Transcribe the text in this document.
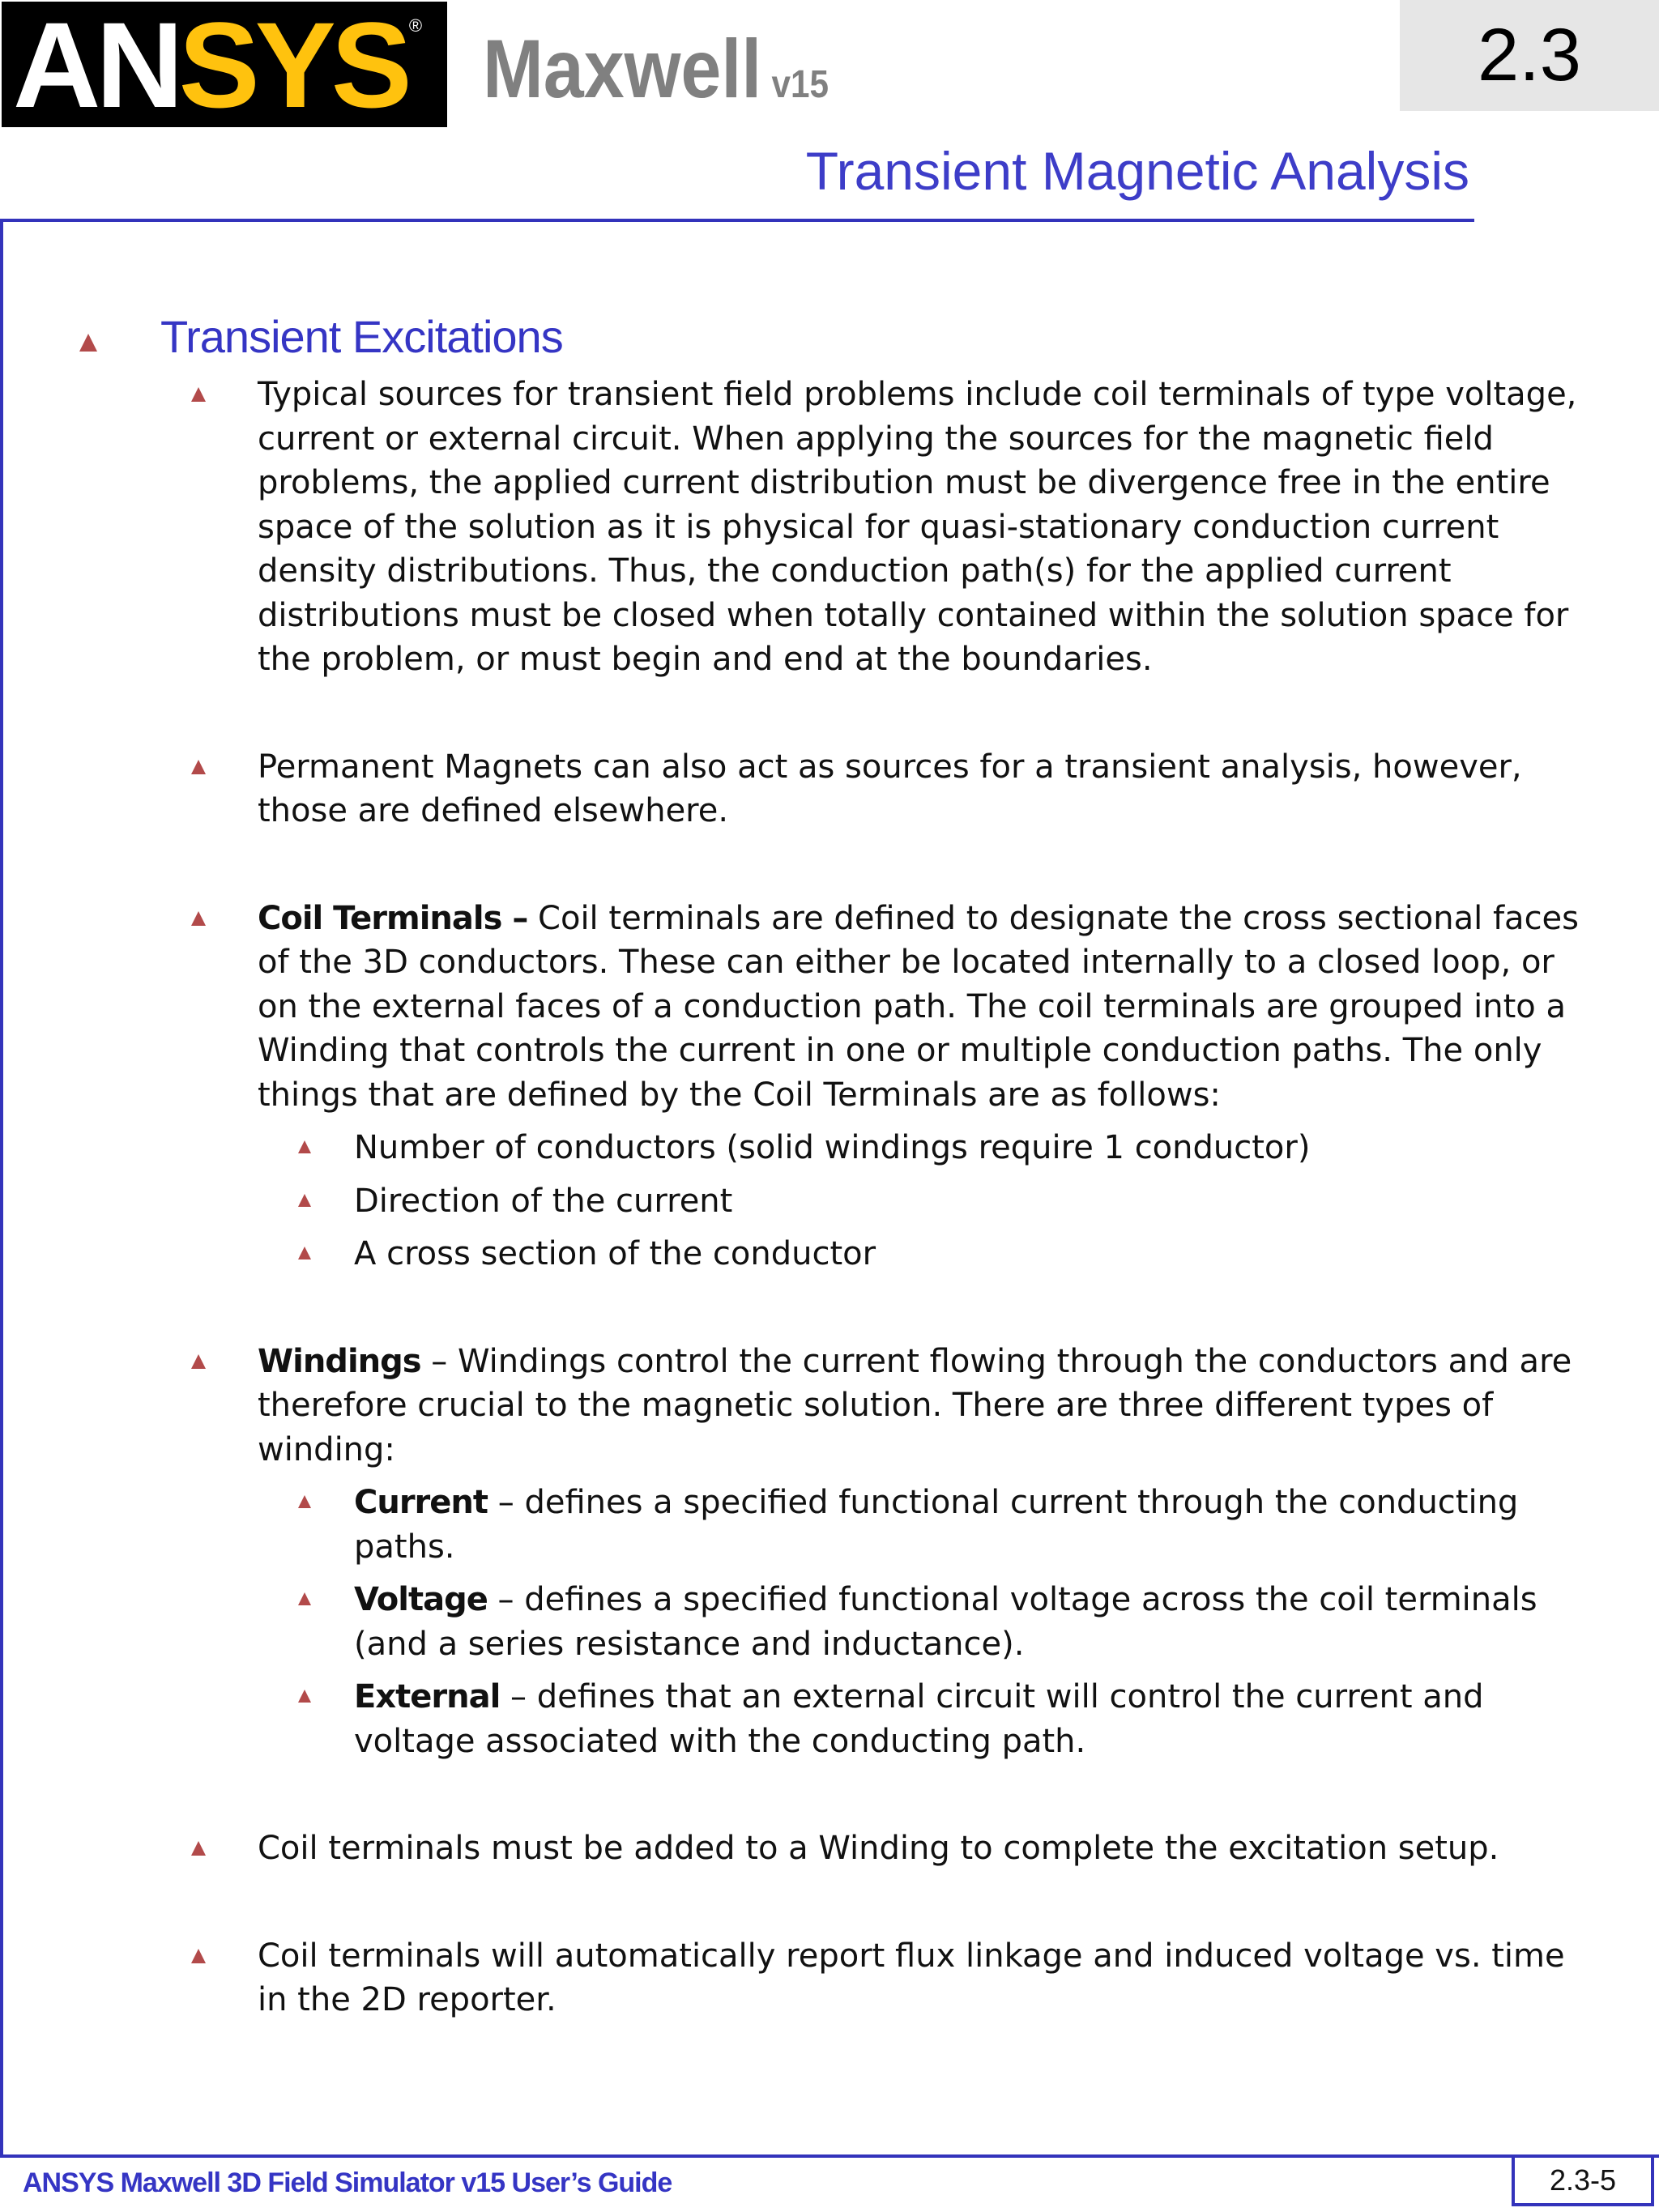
ANSYS ® Maxwell v15	2.3
Transient Magnetic Analysis
Transient Excitations
Typical sources for transient field problems include coil terminals of type voltage, current or external circuit. When applying the sources for the magnetic field problems, the applied current distribution must be divergence free in the entire space of the solution as it is physical for quasi-stationary conduction current density distributions. Thus, the conduction path(s) for the applied current distributions must be closed when totally contained within the solution space for the problem, or must begin and end at the boundaries.
Permanent Magnets can also act as sources for a transient analysis, however, those are defined elsewhere.
Coil Terminals – Coil terminals are defined to designate the cross sectional faces of the 3D conductors. These can either be located internally to a closed loop, or on the external faces of a conduction path. The coil terminals are grouped into a Winding that controls the current in one or multiple conduction paths. The only things that are defined by the Coil Terminals are as follows:
Number of conductors (solid windings require 1 conductor)
Direction of the current
A cross section of the conductor
Windings – Windings control the current flowing through the conductors and are therefore crucial to the magnetic solution. There are three different types of winding:
Current – defines a specified functional current through the conducting paths.
Voltage – defines a specified functional voltage across the coil terminals (and a series resistance and inductance).
External – defines that an external circuit will control the current and voltage associated with the conducting path.
Coil terminals must be added to a Winding to complete the excitation setup.
Coil terminals will automatically report flux linkage and induced voltage vs. time in the 2D reporter.
ANSYS Maxwell 3D Field Simulator v15 User’s Guide	2.3-5
